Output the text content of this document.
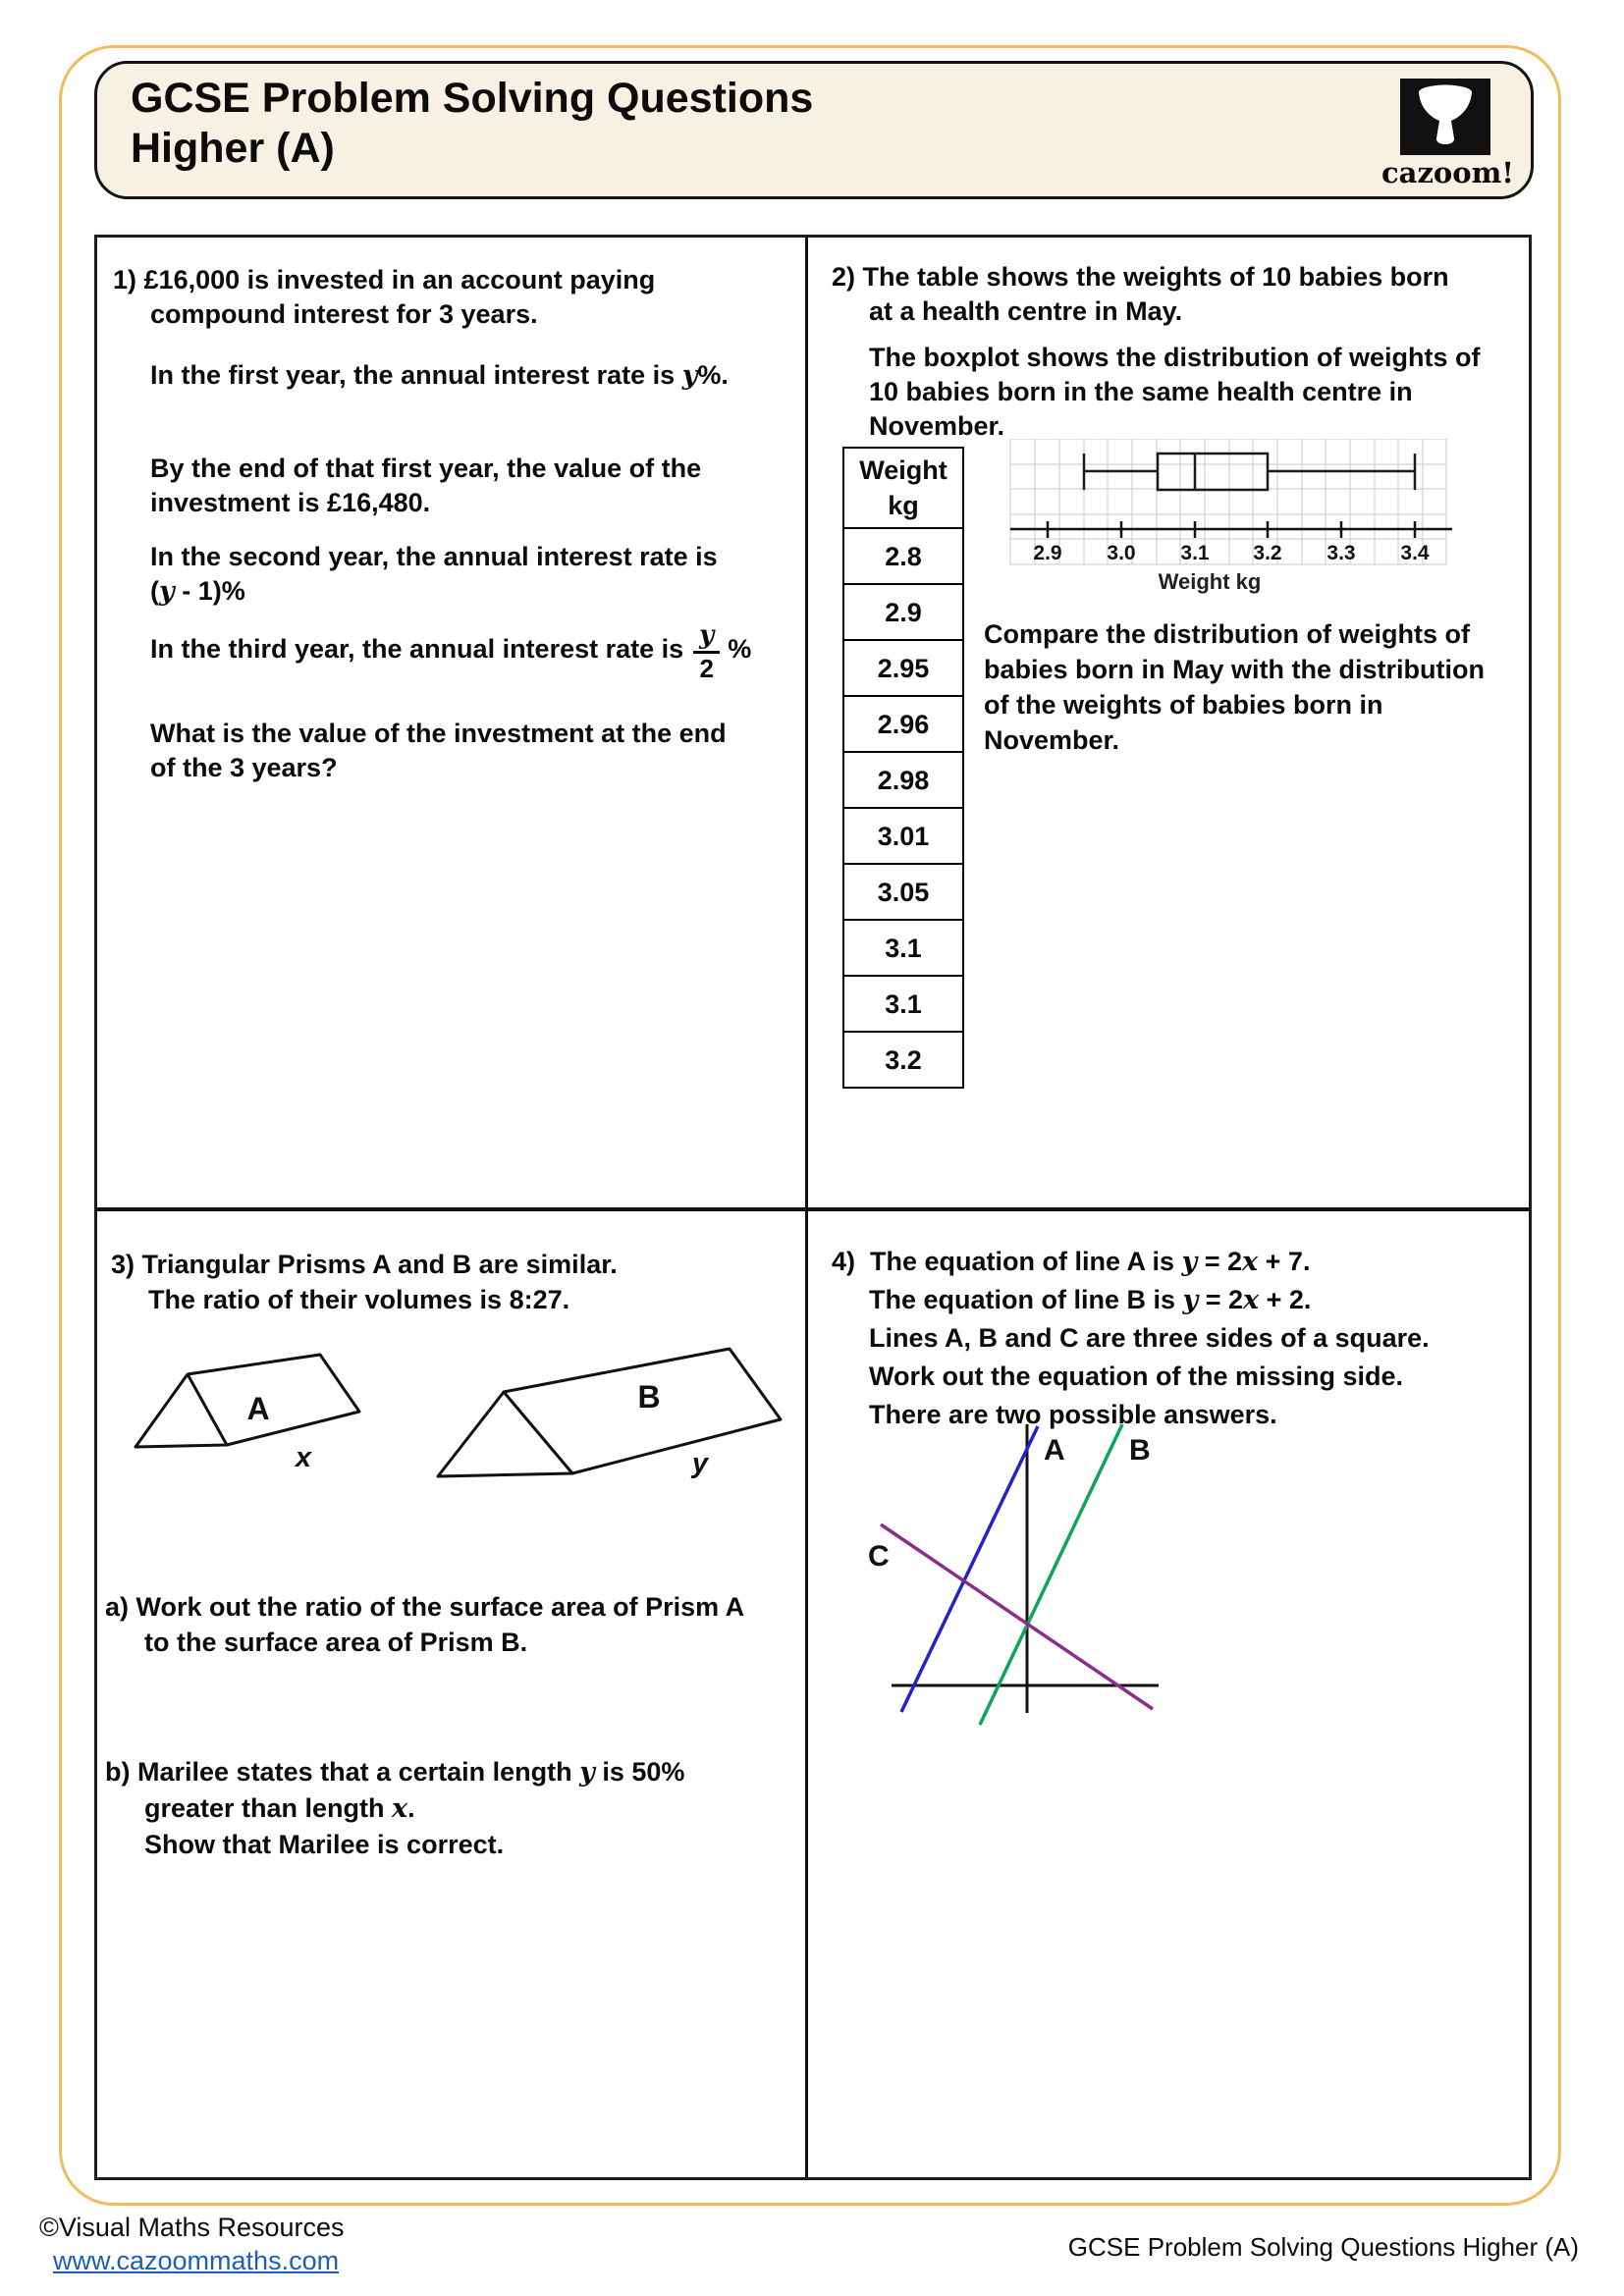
GCSE Problem Solving Questions
Higher (A)
cazoom!

1) £16,000 is invested in an account paying
compound interest for 3 years.

In the first year, the annual interest rate is y%.

By the end of that first year, the value of the
investment is £16,480.

In the second year, the annual interest rate is
(y - 1)%

In the third year, the annual interest rate is $\frac{y}{2}$ %

What is the value of the investment at the end
of the 3 years?

2) The table shows the weights of 10 babies born
at a health centre in May.

The boxplot shows the distribution of weights of
10 babies born in the same health centre in
November.

Weight
kg
2.8
2.9
2.95
2.96
2.98
3.01
3.05
3.1
3.1
3.2
2.9 3.0 3.1 3.2 3.3 3.4
Weight kg

Compare the distribution of weights of
babies born in May with the distribution
of the weights of babies born in
November.

3) Triangular Prisms A and B are similar.
The ratio of their volumes is 8:27.

A
x
B
y

a) Work out the ratio of the surface area of Prism A
to the surface area of Prism B.

b) Marilee states that a certain length y is 50%
greater than length x.
Show that Marilee is correct.

4) The equation of line A is y = 2x + 7.
The equation of line B is y = 2x + 2.
Lines A, B and C are three sides of a square.
Work out the equation of the missing side.
There are two possible answers.

A B
C
©Visual Maths Resources
www.cazoommaths.com	GCSE Problem Solving Questions Higher (A)
